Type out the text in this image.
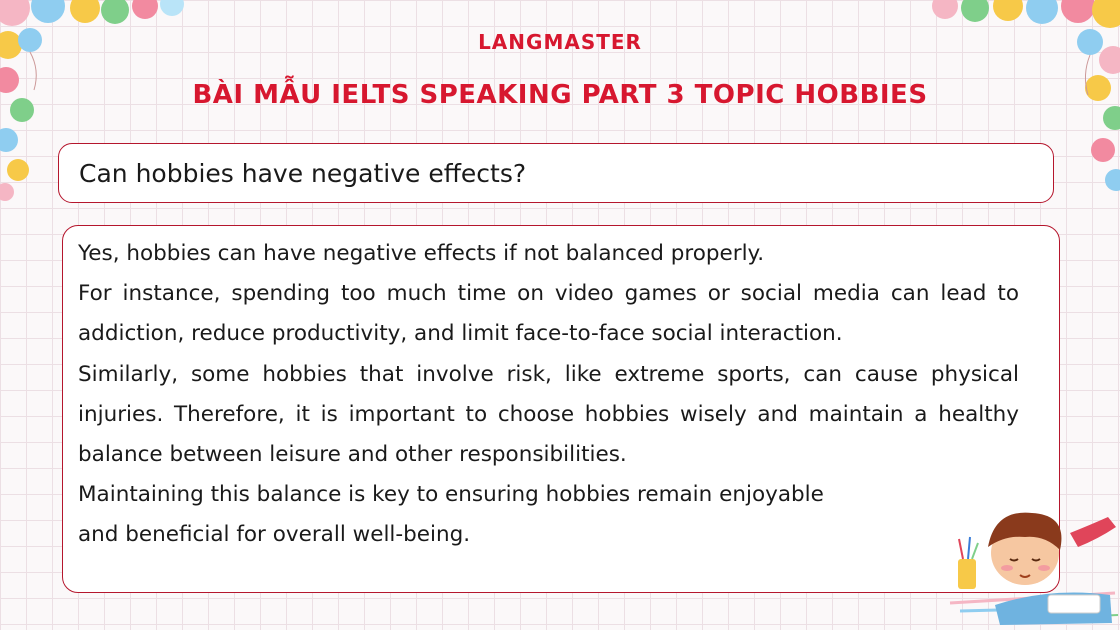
LANGMASTER
BÀI MẪU IELTS SPEAKING PART 3 TOPIC HOBBIES
Can hobbies have negative effects?

Yes, hobbies can have negative effects if not balanced properly.

For instance, spending too much time on video games or social media can lead to addiction, reduce productivity, and limit face-to-face social interaction.

Similarly, some hobbies that involve risk, like extreme sports, can cause physical injuries. Therefore, it is important to choose hobbies wisely and maintain a healthy balance between leisure and other responsibilities.

Maintaining this balance is key to ensuring hobbies remain enjoyable

and beneficial for overall well-being.
